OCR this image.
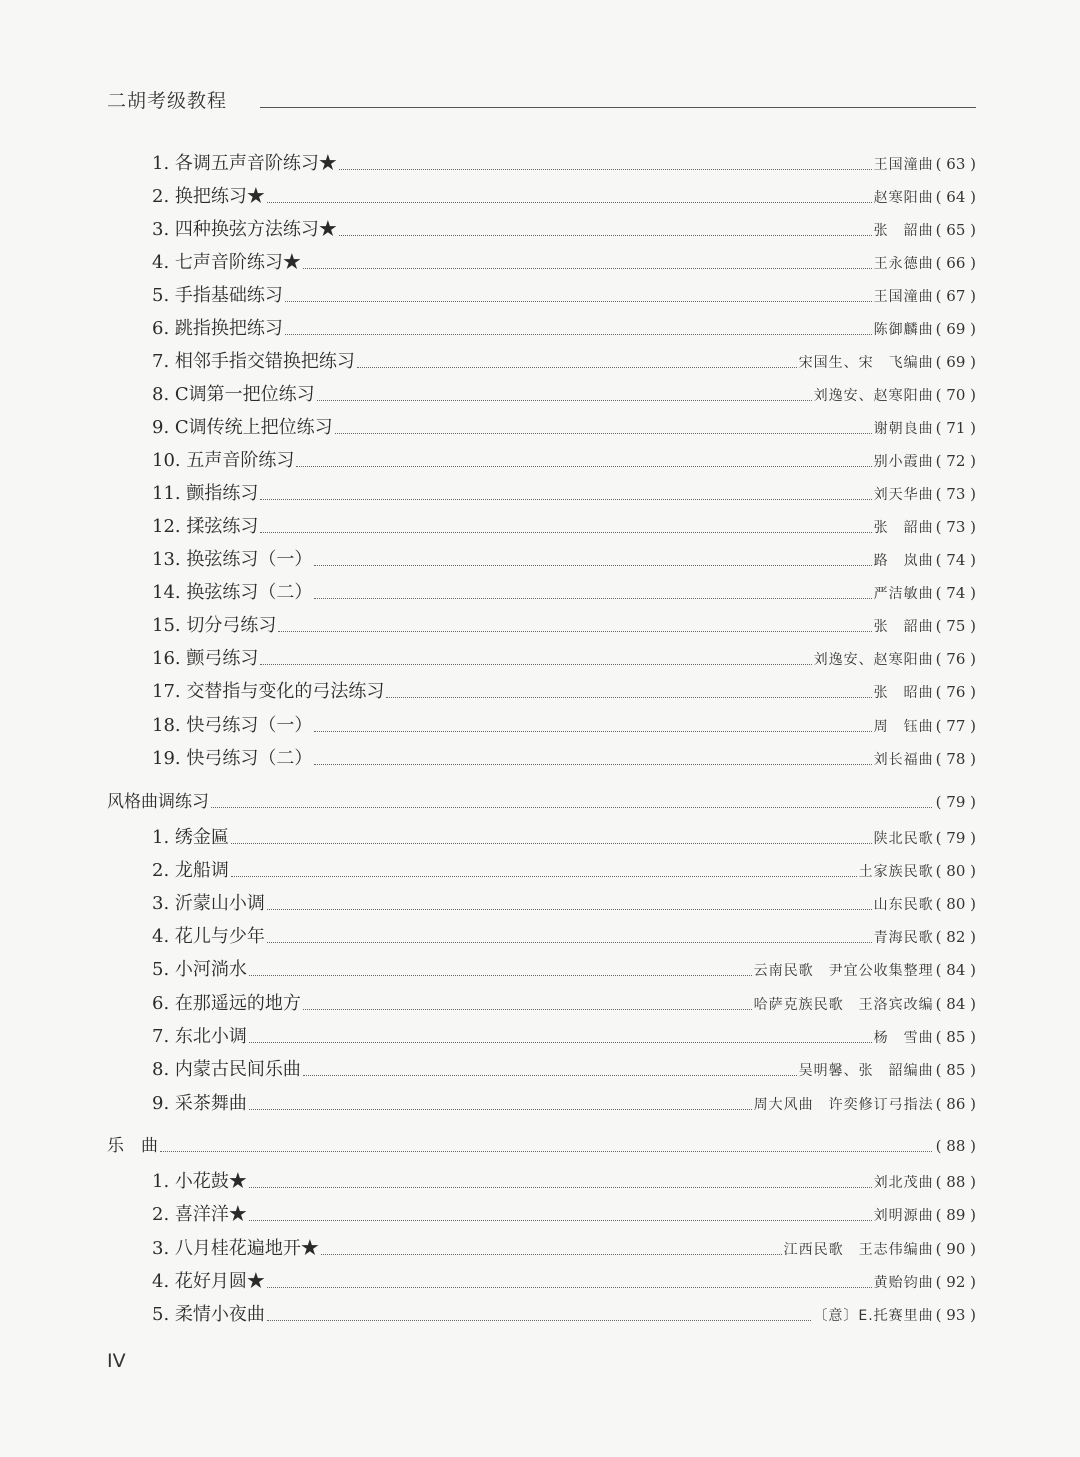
二胡考级教程
1. 各调五声音阶练习★	王国潼曲 ( 63 )
2. 换把练习★	赵寒阳曲 ( 64 )
3. 四种换弦方法练习★	张　韶曲 ( 65 )
4. 七声音阶练习★	王永德曲 ( 66 )
5. 手指基础练习	王国潼曲 ( 67 )
6. 跳指换把练习	陈御麟曲 ( 69 )
7. 相邻手指交错换把练习	宋国生、宋　飞编曲 ( 69 )
8. C调第一把位练习	刘逸安、赵寒阳曲 ( 70 )
9. C调传统上把位练习	谢朝良曲 ( 71 )
10. 五声音阶练习	别小霞曲 ( 72 )
11. 颤指练习	刘天华曲 ( 73 )
12. 揉弦练习	张　韶曲 ( 73 )
13. 换弦练习（一）	路　岚曲 ( 74 )
14. 换弦练习（二）	严洁敏曲 ( 74 )
15. 切分弓练习	张　韶曲 ( 75 )
16. 颤弓练习	刘逸安、赵寒阳曲 ( 76 )
17. 交替指与变化的弓法练习	张　昭曲 ( 76 )
18. 快弓练习（一）	周　钰曲 ( 77 )
19. 快弓练习（二）	刘长福曲 ( 78 )
风格曲调练习	( 79 )
1. 绣金匾	陕北民歌 ( 79 )
2. 龙船调	土家族民歌 ( 80 )
3. 沂蒙山小调	山东民歌 ( 80 )
4. 花儿与少年	青海民歌 ( 82 )
5. 小河淌水	云南民歌　尹宜公收集整理 ( 84 )
6. 在那遥远的地方	哈萨克族民歌　王洛宾改编 ( 84 )
7. 东北小调	杨　雪曲 ( 85 )
8. 内蒙古民间乐曲	吴明馨、张　韶编曲 ( 85 )
9. 采茶舞曲	周大风曲　许奕修订弓指法 ( 86 )
乐　曲	( 88 )
1. 小花鼓★	刘北茂曲 ( 88 )
2. 喜洋洋★	刘明源曲 ( 89 )
3. 八月桂花遍地开★	江西民歌　王志伟编曲 ( 90 )
4. 花好月圆★	黄贻钧曲 ( 92 )
5. 柔情小夜曲	〔意〕E.托赛里曲 ( 93 )
IV
